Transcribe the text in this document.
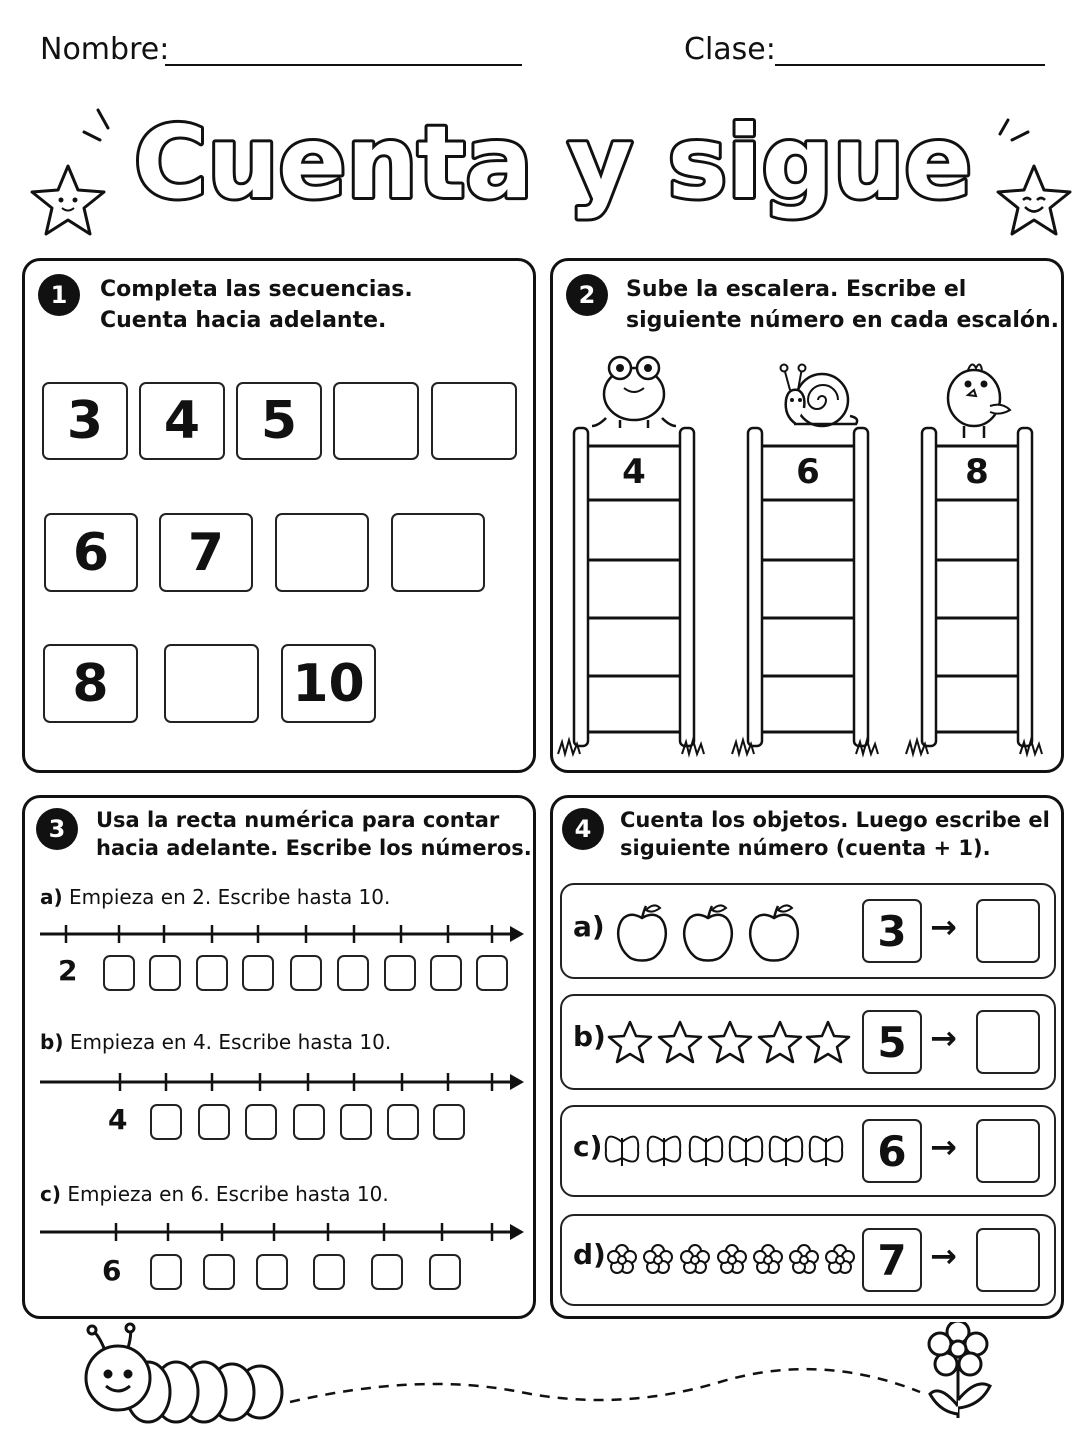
Nombre:	Clase:
Cuenta y sigue
1	Completa las secuencias.
Cuenta hacia adelante.
3	4	5
6	7
8	10
2	Sube la escalera. Escribe el
siguiente número en cada escalón.
4	6	8
3	Usa la recta numérica para contar
hacia adelante. Escribe los números.
a) Empieza en 2. Escribe hasta 10.
2
b) Empieza en 4. Escribe hasta 10.
4
c) Empieza en 6. Escribe hasta 10.
6
4	Cuenta los objetos. Luego escribe el
siguiente número (cuenta + 1).
a)	3 →
b)	5 →
c)	6 →
d)	7 →
